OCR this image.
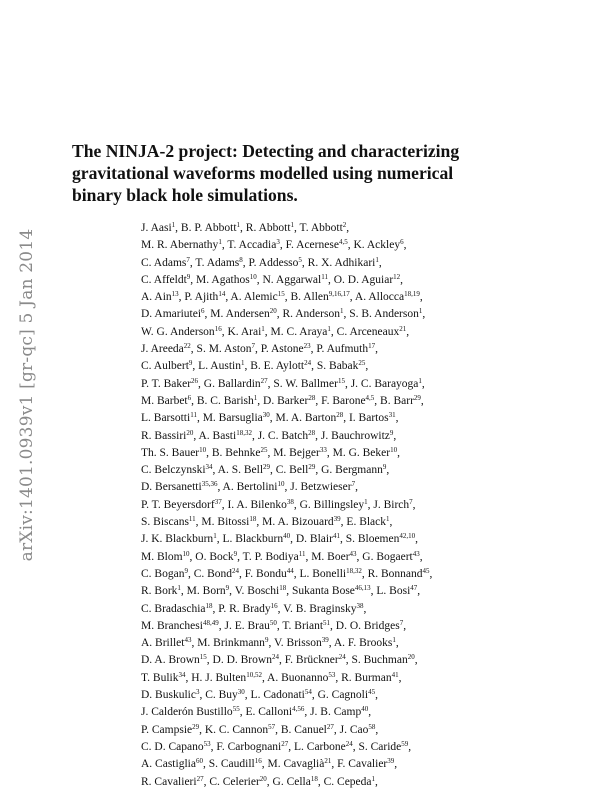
arXiv:1401.0939v1 [gr-qc] 5 Jan 2014
The NINJA-2 project: Detecting and characterizing
gravitational waveforms modelled using numerical
binary black hole simulations.
J. Aasi$^1$, B. P. Abbott$^1$, R. Abbott$^1$, T. Abbott$^2$,
M. R. Abernathy$^1$, T. Accadia$^3$, F. Acernese$^{4,5}$, K. Ackley$^6$,
C. Adams$^7$, T. Adams$^8$, P. Addesso$^5$, R. X. Adhikari$^1$,
C. Affeldt$^9$, M. Agathos$^{10}$, N. Aggarwal$^{11}$, O. D. Aguiar$^{12}$,
A. Ain$^{13}$, P. Ajith$^{14}$, A. Alemic$^{15}$, B. Allen$^{9,16,17}$, A. Allocca$^{18,19}$,
D. Amariutei$^6$, M. Andersen$^{20}$, R. Anderson$^1$, S. B. Anderson$^1$,
W. G. Anderson$^{16}$, K. Arai$^1$, M. C. Araya$^1$, C. Arceneaux$^{21}$,
J. Areeda$^{22}$, S. M. Aston$^7$, P. Astone$^{23}$, P. Aufmuth$^{17}$,
C. Aulbert$^9$, L. Austin$^1$, B. E. Aylott$^{24}$, S. Babak$^{25}$,
P. T. Baker$^{26}$, G. Ballardin$^{27}$, S. W. Ballmer$^{15}$, J. C. Barayoga$^1$,
M. Barbet$^6$, B. C. Barish$^1$, D. Barker$^{28}$, F. Barone$^{4,5}$, B. Barr$^{29}$,
L. Barsotti$^{11}$, M. Barsuglia$^{30}$, M. A. Barton$^{28}$, I. Bartos$^{31}$,
R. Bassiri$^{20}$, A. Basti$^{18,32}$, J. C. Batch$^{28}$, J. Bauchrowitz$^9$,
Th. S. Bauer$^{10}$, B. Behnke$^{25}$, M. Bejger$^{33}$, M. G. Beker$^{10}$,
C. Belczynski$^{34}$, A. S. Bell$^{29}$, C. Bell$^{29}$, G. Bergmann$^9$,
D. Bersanetti$^{35,36}$, A. Bertolini$^{10}$, J. Betzwieser$^7$,
P. T. Beyersdorf$^{37}$, I. A. Bilenko$^{38}$, G. Billingsley$^1$, J. Birch$^7$,
S. Biscans$^{11}$, M. Bitossi$^{18}$, M. A. Bizouard$^{39}$, E. Black$^1$,
J. K. Blackburn$^1$, L. Blackburn$^{40}$, D. Blair$^{41}$, S. Bloemen$^{42,10}$,
M. Blom$^{10}$, O. Bock$^9$, T. P. Bodiya$^{11}$, M. Boer$^{43}$, G. Bogaert$^{43}$,
C. Bogan$^9$, C. Bond$^{24}$, F. Bondu$^{44}$, L. Bonelli$^{18,32}$, R. Bonnand$^{45}$,
R. Bork$^1$, M. Born$^9$, V. Boschi$^{18}$, Sukanta Bose$^{46,13}$, L. Bosi$^{47}$,
C. Bradaschia$^{18}$, P. R. Brady$^{16}$, V. B. Braginsky$^{38}$,
M. Branchesi$^{48,49}$, J. E. Brau$^{50}$, T. Briant$^{51}$, D. O. Bridges$^7$,
A. Brillet$^{43}$, M. Brinkmann$^9$, V. Brisson$^{39}$, A. F. Brooks$^1$,
D. A. Brown$^{15}$, D. D. Brown$^{24}$, F. Brückner$^{24}$, S. Buchman$^{20}$,
T. Bulik$^{34}$, H. J. Bulten$^{10,52}$, A. Buonanno$^{53}$, R. Burman$^{41}$,
D. Buskulic$^3$, C. Buy$^{30}$, L. Cadonati$^{54}$, G. Cagnoli$^{45}$,
J. Calderón Bustillo$^{55}$, E. Calloni$^{4,56}$, J. B. Camp$^{40}$,
P. Campsie$^{29}$, K. C. Cannon$^{57}$, B. Canuel$^{27}$, J. Cao$^{58}$,
C. D. Capano$^{53}$, F. Carbognani$^{27}$, L. Carbone$^{24}$, S. Caride$^{59}$,
A. Castiglia$^{60}$, S. Caudill$^{16}$, M. Cavaglià$^{21}$, F. Cavalier$^{39}$,
R. Cavalieri$^{27}$, C. Celerier$^{20}$, G. Cella$^{18}$, C. Cepeda$^1$,
